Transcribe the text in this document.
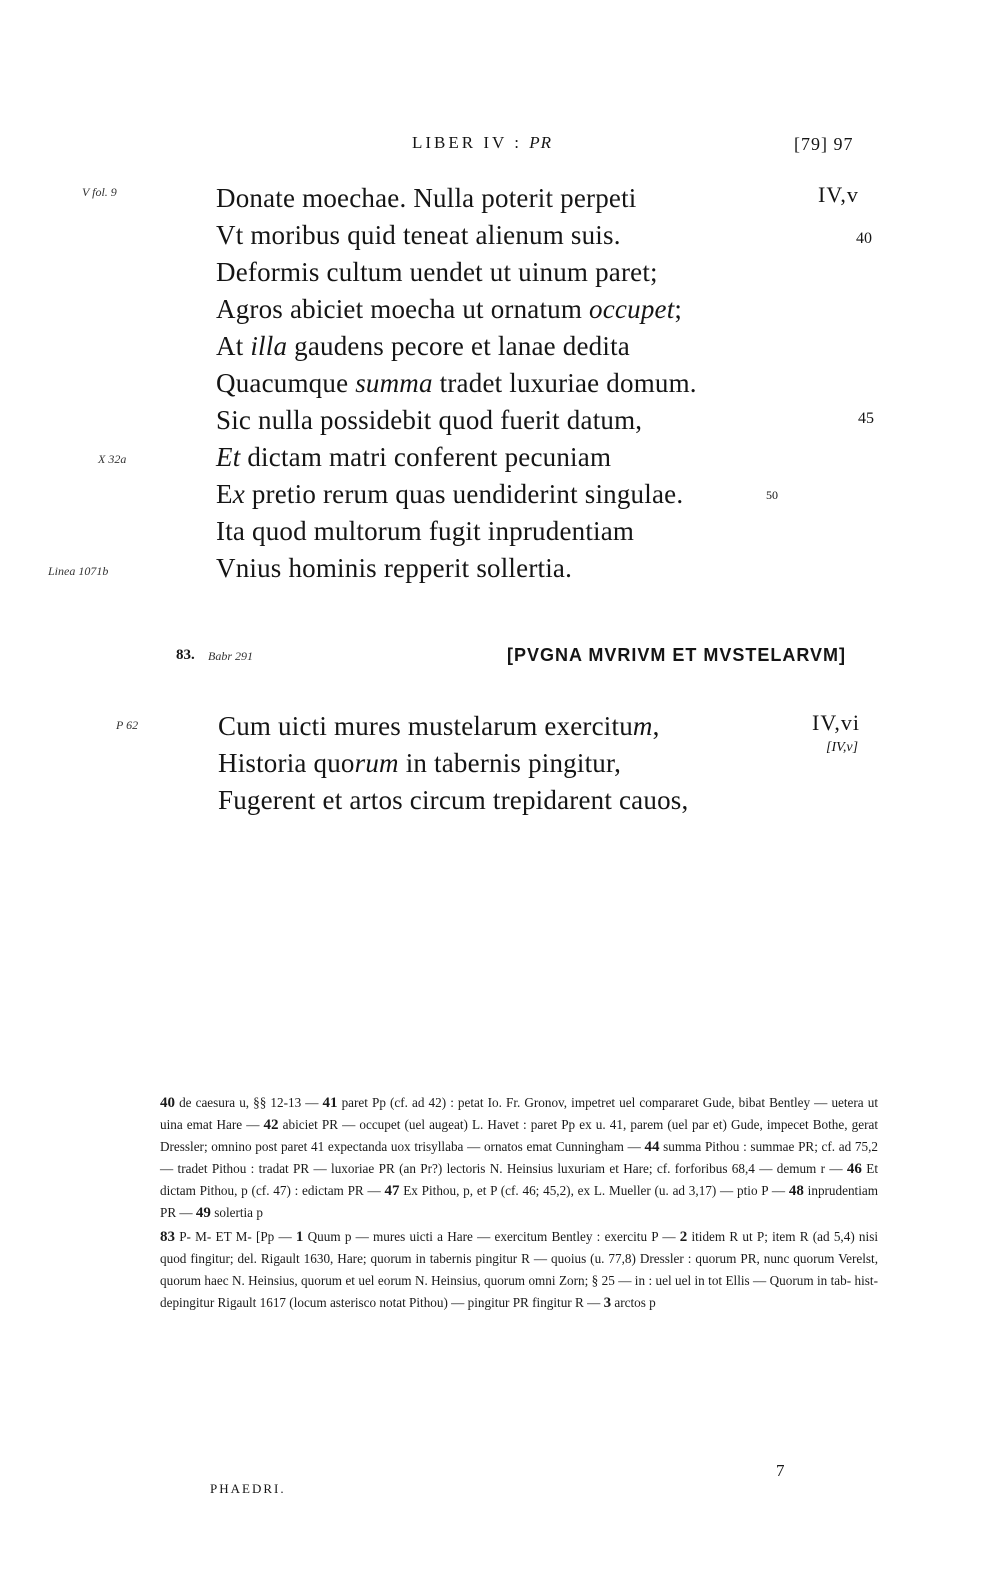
LIBER IV : PR	[79] 97
V fol. 9
X 32a
Linea 1071b
P 62
Donate moechae. Nulla poterit perpeti
Vt moribus quid teneat alienum suis.
Deformis cultum uendet ut uinum paret;
Agros abiciet moecha ut ornatum occupet;
At illa gaudens pecore et lanae dedita
Quacumque summa tradet luxuriae domum.
Sic nulla possidebit quod fuerit datum,
Et dictam matri conferent pecuniam
Ex pretio rerum quas uendiderint singulae.
Ita quod multorum fugit inprudentiam
Vnius hominis repperit sollertia.
IV,v
40
45
50
83. Babr 291	[PVGNA MVRIVM ET MVSTELARVM]
Cum uicti mures mustelarum exercitum,
Historia quorum in tabernis pingitur,
Fugerent et artos circum trepidarent cauos,
IV,vi
[IV,v]

40 de caesura u, §§ 12-13 — 41 paret Pp (cf. ad 42) : petat Io. Fr. Gronov, impetret uel compararet Gude, bibat Bentley — uetera ut uina emat Hare — 42 abiciet PR — occupet (uel augeat) L. Havet : paret Pp ex u. 41, parem (uel par et) Gude, impecet Bothe, gerat Dressler; omnino post paret 41 expectanda uox trisyllaba — ornatos emat Cunningham — 44 summa Pithou : summae PR; cf. ad 75,2 — tradet Pithou : tradat PR — luxoriae PR (an Pr?) lectoris N. Heinsius luxuriam et Hare; cf. forforibus 68,4 — demum r — 46 Et dictam Pithou, p (cf. 47) : edictam PR — 47 Ex Pithou, p, et P (cf. 46; 45,2), ex L. Mueller (u. ad 3,17) — ptio P — 48 inprudentiam PR — 49 solertia p

83 P- M- ET M- [Pp — 1 Quum p — mures uicti a Hare — exercitum Bentley : exercitu P — 2 itidem R ut P; item R (ad 5,4) nisi quod fingitur; del. Rigault 1630, Hare; quorum in tabernis pingitur R — quoius (u. 77,8) Dressler : quorum PR, nunc quorum Verelst, quorum haec N. Heinsius, quorum et uel eorum N. Heinsius, quorum omni Zorn; § 25 — in : uel uel in tot Ellis — Quorum in tab- hist- depingitur Rigault 1617 (locum asterisco notat Pithou) — pingitur PR fingitur R — 3 arctos p

PHAEDRI.
7
